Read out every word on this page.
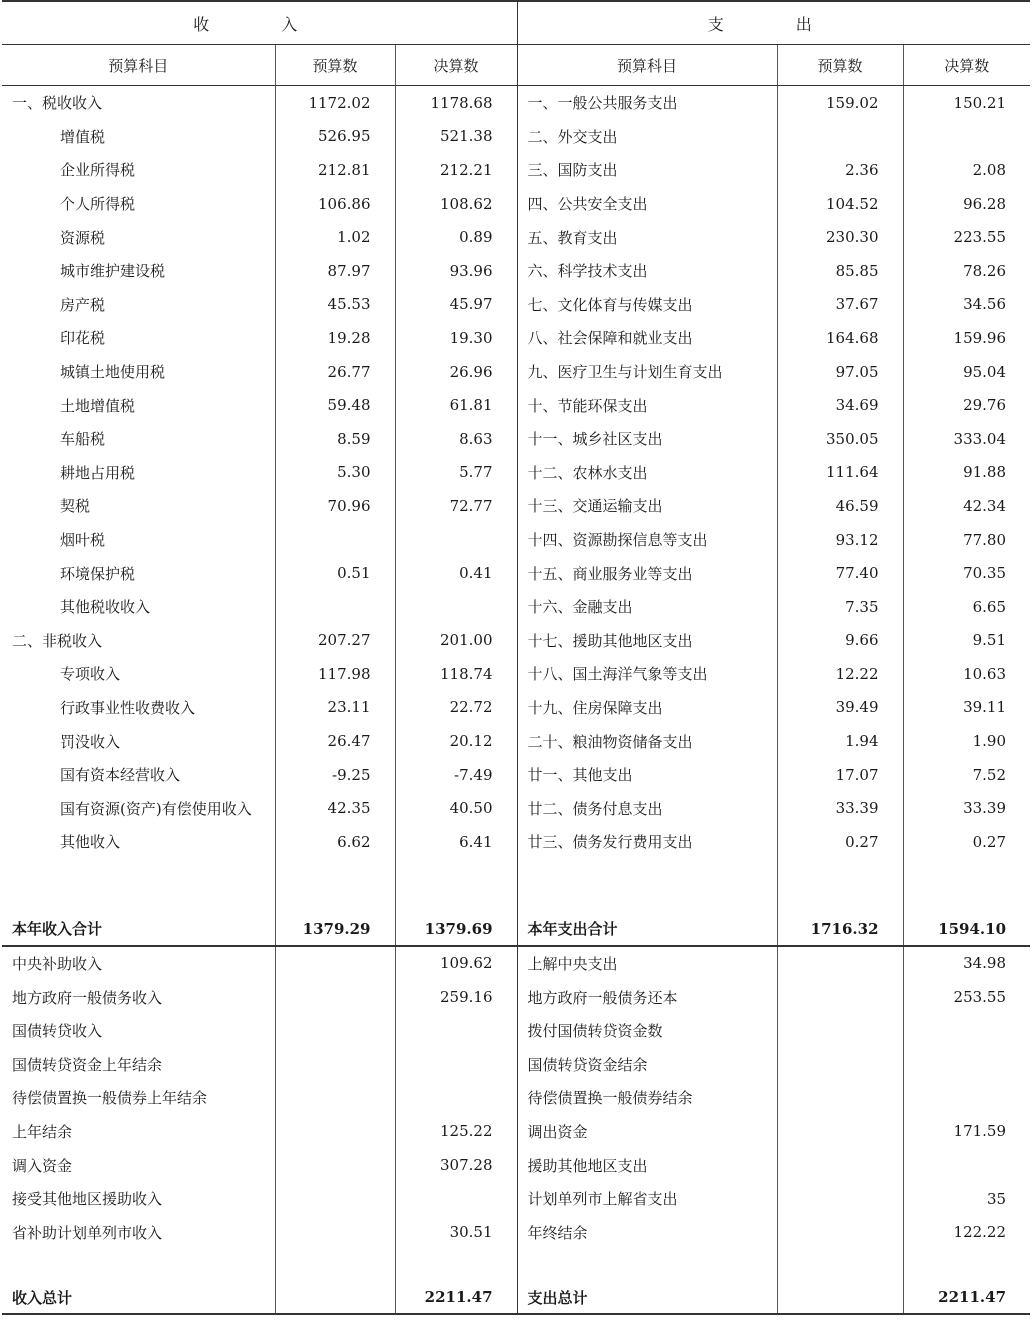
收　入			支　出		
预算科目	预算数	决算数	预算科目	预算数	决算数
一、税收收入	1172.02	1178.68	一、一般公共服务支出	159.02	150.21
增值税	526.95	521.38	二、外交支出		
企业所得税	212.81	212.21	三、国防支出	2.36	2.08
个人所得税	106.86	108.62	四、公共安全支出	104.52	96.28
资源税	1.02	0.89	五、教育支出	230.30	223.55
城市维护建设税	87.97	93.96	六、科学技术支出	85.85	78.26
房产税	45.53	45.97	七、文化体育与传媒支出	37.67	34.56
印花税	19.28	19.30	八、社会保障和就业支出	164.68	159.96
城镇土地使用税	26.77	26.96	九、医疗卫生与计划生育支出	97.05	95.04
土地增值税	59.48	61.81	十、节能环保支出	34.69	29.76
车船税	8.59	8.63	十一、城乡社区支出	350.05	333.04
耕地占用税	5.30	5.77	十二、农林水支出	111.64	91.88
契税	70.96	72.77	十三、交通运输支出	46.59	42.34
烟叶税			十四、资源勘探信息等支出	93.12	77.80
环境保护税	0.51	0.41	十五、商业服务业等支出	77.40	70.35
其他税收收入			十六、金融支出	7.35	6.65
二、非税收入	207.27	201.00	十七、援助其他地区支出	9.66	9.51
专项收入	117.98	118.74	十八、国土海洋气象等支出	12.22	10.63
行政事业性收费收入	23.11	22.72	十九、住房保障支出	39.49	39.11
罚没收入	26.47	20.12	二十、粮油物资储备支出	1.94	1.90
国有资本经营收入	-9.25	-7.49	廿一、其他支出	17.07	7.52
国有资源(资产)有偿使用收入	42.35	40.50	廿二、债务付息支出	33.39	33.39
其他收入	6.62	6.41	廿三、债务发行费用支出	0.27	0.27

本年收入合计	1379.29	1379.69	本年支出合计	1716.32	1594.10
中央补助收入		109.62	上解中央支出		34.98
地方政府一般债务收入		259.16	地方政府一般债务还本		253.55
国债转贷收入			拨付国债转贷资金数		
国债转贷资金上年结余			国债转贷资金结余		
待偿债置换一般债券上年结余			待偿债置换一般债券结余		
上年结余		125.22	调出资金		171.59
调入资金		307.28	援助其他地区支出		
接受其他地区援助收入			计划单列市上解省支出		35
省补助计划单列市收入		30.51	年终结余		122.22

收入总计		2211.47	支出总计		2211.47
